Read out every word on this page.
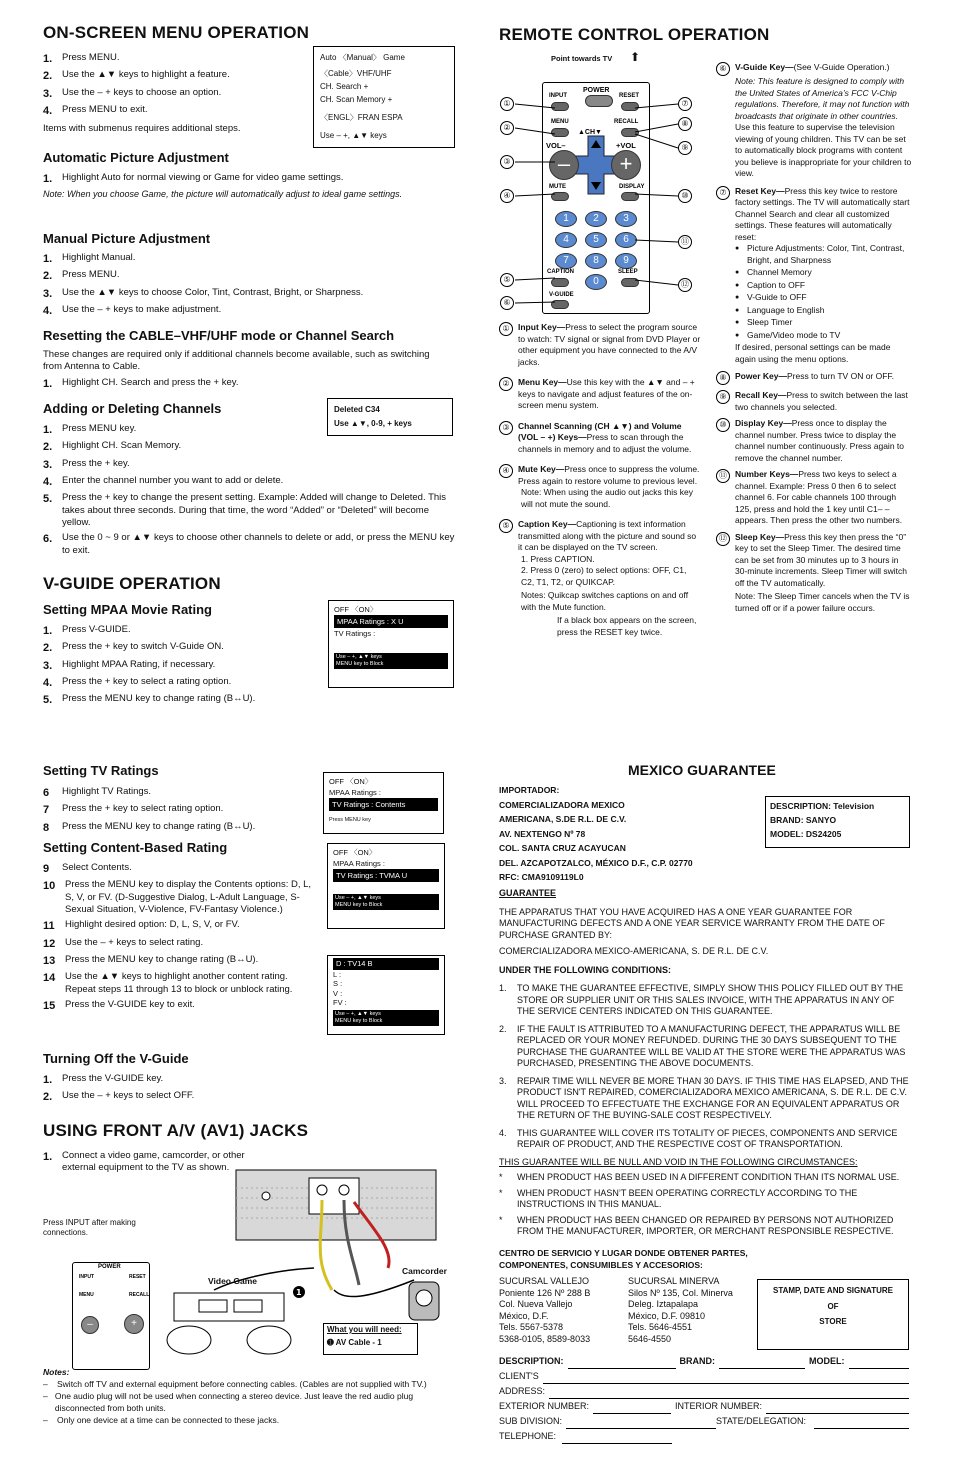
ON-SCREEN MENU OPERATION
1.	Press MENU.
2.	Use the ▲▼ keys to highlight a feature.
3.	Use the – + keys to choose an option.
4.	Press MENU to exit.
Items with submenus requires additional steps.
Auto 〈Manual〉 Game
〈Cable〉VHF/UHF
CH. Search +
CH. Scan Memory +
〈ENGL〉FRAN ESPA
Use – +, ▲▼ keys
Automatic Picture Adjustment
1.	Highlight Auto for normal viewing or Game for video game settings.
Note: When you choose Game, the picture will automatically adjust to ideal game settings.
Manual Picture Adjustment
1.	Highlight Manual.
2.	Press MENU.
3.	Use the ▲▼ keys to choose Color, Tint, Contrast, Bright, or Sharpness.
4.	Use the – + keys to make adjustment.
Resetting the CABLE–VHF/UHF mode or Channel Search
These changes are required only if additional channels become available, such as switching from Antenna to Cable.
1.	Highlight CH. Search and press the + key.
Adding or Deleting Channels	Deleted C34
Use ▲▼, 0-9, + keys
1.	Press MENU key.
2.	Highlight CH. Scan Memory.
3.	Press the + key.
4.	Enter the channel number you want to add or delete.
5.	Press the + key to change the present setting. Example: Added will change to Deleted. This takes about three seconds. During that time, the word “Added” or “Deleted” will become yellow.
6.	Use the 0 ~ 9 or ▲▼ keys to choose other channels to delete or add, or press the MENU key to exit.
V-GUIDE OPERATION
Setting MPAA Movie Rating
1.	Press V-GUIDE.
2.	Press the + key to switch V-Guide ON.
3.	Highlight MPAA Rating, if necessary.
4.	Press the + key to select a rating option.
5.	Press the MENU key to change rating (B↔U).
OFF 〈ON〉
MPAA Ratings : X U
TV Ratings :
Use – +, ▲▼ keys
MENU key to Block
Setting TV Ratings
6	Highlight TV Ratings.
7	Press the + key to select rating option.
8	Press the MENU key to change rating (B↔U).
OFF 〈ON〉
MPAA Ratings :
TV Ratings : Contents
Press MENU key
Setting Content-Based Rating
9	Select Contents.
10	Press the MENU key to display the Contents options: D, L, S, V, or FV. (D-Suggestive Dialog, L-Adult Language, S-Sexual Situation, V-Violence, FV-Fantasy Violence.)
11	Highlight desired option: D, L, S, V, or FV.
12	Use the – + keys to select rating.
13	Press the MENU key to change rating (B↔U).
14	Use the ▲▼ keys to highlight another content rating. Repeat steps 11 through 13 to block or unblock rating.
15	Press the V-GUIDE key to exit.
OFF 〈ON〉
MPAA Ratings :
TV Ratings : TVMA U
Use – +, ▲▼ keys
MENU key to Block
D : TV14 B
L :
S :
V :
FV :
Use – +, ▲▼ keys
MENU key to Block
Turning Off the V-Guide
1.	Press the V-GUIDE key.
2.	Use the – + keys to select OFF.
USING FRONT A/V (AV1) JACKS
1.	Connect a video game, camcorder, or other external equipment to the TV as shown.
Press INPUT after making connections.
1
POWER
INPUT	RESET
MENU	RECALL
–	+
Video Game
Camcorder
What you will need:
➊ AV Cable - 1
Notes:
–	Switch off TV and external equipment before connecting cables. (Cables are not supplied with TV.)
– One audio plug will not be used when connecting a stereo device. Just leave the red audio plug disconnected from both units.
–	Only one device at a time can be connected to these jacks.
REMOTE CONTROL OPERATION
Point towards TV ⬆
POWER
INPUT	RESET
MENU	RECALL
▲CH▼
VOL–	+VOL
–	+
MUTE	DISPLAY
1	2	3
4	5	6
7	8	9
0
CAPTION	SLEEP
V-GUIDE
①
②
③
④
⑤
⑥
⑦
⑧
⑨
⑩
⑪
⑫
① Input Key—Press to select the program source to watch: TV signal or signal from DVD Player or other equipment you have connected to the A/V jacks.
② Menu Key—Use this key with the ▲▼ and – + keys to navigate and adjust features of the on-screen menu system.
③ Channel Scanning (CH ▲▼) and Volume (VOL – +) Keys—Press to scan through the channels in memory and to adjust the volume.
④ Mute Key—Press once to suppress the volume. Press again to restore volume to previous level.
Note: When using the audio out jacks this key will not mute the sound.
⑤ Caption Key—Captioning is text information transmitted along with the picture and sound so it can be displayed on the TV screen.
1. Press CAPTION.
2. Press 0 (zero) to select options: OFF, C1, C2, T1, T2, or QUIKCAP.
Notes: Quikcap switches captions on and off with the Mute function.
If a black box appears on the screen, press the RESET key twice.
⑥ V-Guide Key—(See V-Guide Operation.)
Note: This feature is designed to comply with the United States of America’s FCC V-Chip regulations. Therefore, it may not function with broadcasts that originate in other countries.
Use this feature to supervise the television viewing of young children. This TV can be set to automatically block programs with content you believe is inappropriate for your children to view.
⑦ Reset Key—Press this key twice to restore factory settings. The TV will automatically start Channel Search and clear all customized settings. These features will automatically reset:
● Picture Adjustments: Color, Tint, Contrast, Bright, and Sharpness
● Channel Memory
● Caption to OFF
● V-Guide to OFF
● Language to English
● Sleep Timer
● Game/Video mode to TV
If desired, personal settings can be made again using the menu options.
⑧ Power Key—Press to turn TV ON or OFF.
⑨ Recall Key—Press to switch between the last two channels you selected.
⑩ Display Key—Press once to display the channel number. Press twice to display the channel number continuously. Press again to remove the channel number.
⑪ Number Keys—Press two keys to select a channel. Example: Press 0 then 6 to select channel 6. For cable channels 100 through 125, press and hold the 1 key until C1– – appears. Then press the other two numbers.
⑫ Sleep Key—Press this key then press the “0” key to set the Sleep Timer. The desired time can be set from 30 minutes up to 3 hours in 30-minute increments. Sleep Timer will switch off the TV automatically.
Note: The Sleep Timer cancels when the TV is turned off or if a power failure occurs.
MEXICO GUARANTEE
IMPORTADOR:
COMERCIALIZADORA MEXICO
AMERICANA, S.DE R.L. DE C.V.
AV. NEXTENGO Nº 78
COL. SANTA CRUZ ACAYUCAN
DEL. AZCAPOTZALCO, MÉXICO D.F., C.P. 02770
RFC: CMA9109119L0
DESCRIPTION: Television
BRAND: SANYO
MODEL: DS24205
GUARANTEE
THE APPARATUS THAT YOU HAVE ACQUIRED HAS A ONE YEAR GUARANTEE FOR MANUFACTURING DEFECTS AND A ONE YEAR SERVICE WARRANTY FROM THE DATE OF PURCHASE GRANTED BY:
COMERCIALIZADORA MEXICO-AMERICANA, S. DE R.L. DE C.V.
UNDER THE FOLLOWING CONDITIONS:
1.	TO MAKE THE GUARANTEE EFFECTIVE, SIMPLY SHOW THIS POLICY FILLED OUT BY THE STORE OR SUPPLIER UNIT OR THIS SALES INVOICE, WITH THE APPARATUS IN ANY OF THE SERVICE CENTERS INDICATED ON THIS GUARANTEE.
2.	IF THE FAULT IS ATTRIBUTED TO A MANUFACTURING DEFECT, THE APPARATUS WILL BE REPLACED OR YOUR MONEY REFUNDED. DURING THE 30 DAYS SUBSEQUENT TO THE PURCHASE THE GUARANTEE WILL BE VALID AT THE STORE WERE THE APPARATUS WAS PURCHASED, PRESENTING THE ABOVE DOCUMENTS.
3.	REPAIR TIME WILL NEVER BE MORE THAN 30 DAYS. IF THIS TIME HAS ELAPSED, AND THE PRODUCT ISN'T REPAIRED, COMERCIALIZADORA MEXICO AMERICANA, S. DE R.L. DE C.V. WILL PROCEED TO EFFECTUATE THE EXCHANGE FOR AN EQUIVALENT APPARATUS OR THE RETURN OF THE BUYING-SALE COST RESPECTIVELY.
4.	THIS GUARANTEE WILL COVER ITS TOTALITY OF PIECES, COMPONENTS AND SERVICE REPAIR OF PRODUCT, AND THE RESPECTIVE COST OF TRANSPORTATION.
THIS GUARANTEE WILL BE NULL AND VOID IN THE FOLLOWING CIRCUMSTANCES:
*	WHEN PRODUCT HAS BEEN USED IN A DIFFERENT CONDITION THAN ITS NORMAL USE.
*	WHEN PRODUCT HASN’T BEEN OPERATING CORRECTLY ACCORDING TO THE INSTRUCTIONS IN THIS MANUAL.
*	WHEN PRODUCT HAS BEEN CHANGED OR REPAIRED BY PERSONS NOT AUTHORIZED FROM THE MANUFACTURER, IMPORTER, OR MERCHANT RESPONSIBLE RESPECTIVE.
CENTRO DE SERVICIO Y LUGAR DONDE OBTENER PARTES,
COMPONENTES, CONSUMIBLES Y ACCESORIOS:
SUCURSAL VALLEJO
Poniente 126 Nº 288 B
Col. Nueva Vallejo
México, D.F.
Tels. 5567-5378
5368-0105, 8589-8033
SUCURSAL MINERVA
Silos Nº 135, Col. Minerva
Deleg. Iztapalapa
México, D.F. 09810
Tels. 5646-4551
5646-4550
STAMP, DATE AND SIGNATURE
OF
STORE
DESCRIPTION:	BRAND:	MODEL:
CLIENT'S
ADDRESS:
EXTERIOR NUMBER:	INTERIOR NUMBER:
SUB DIVISION:	STATE/DELEGATION:
TELEPHONE:
